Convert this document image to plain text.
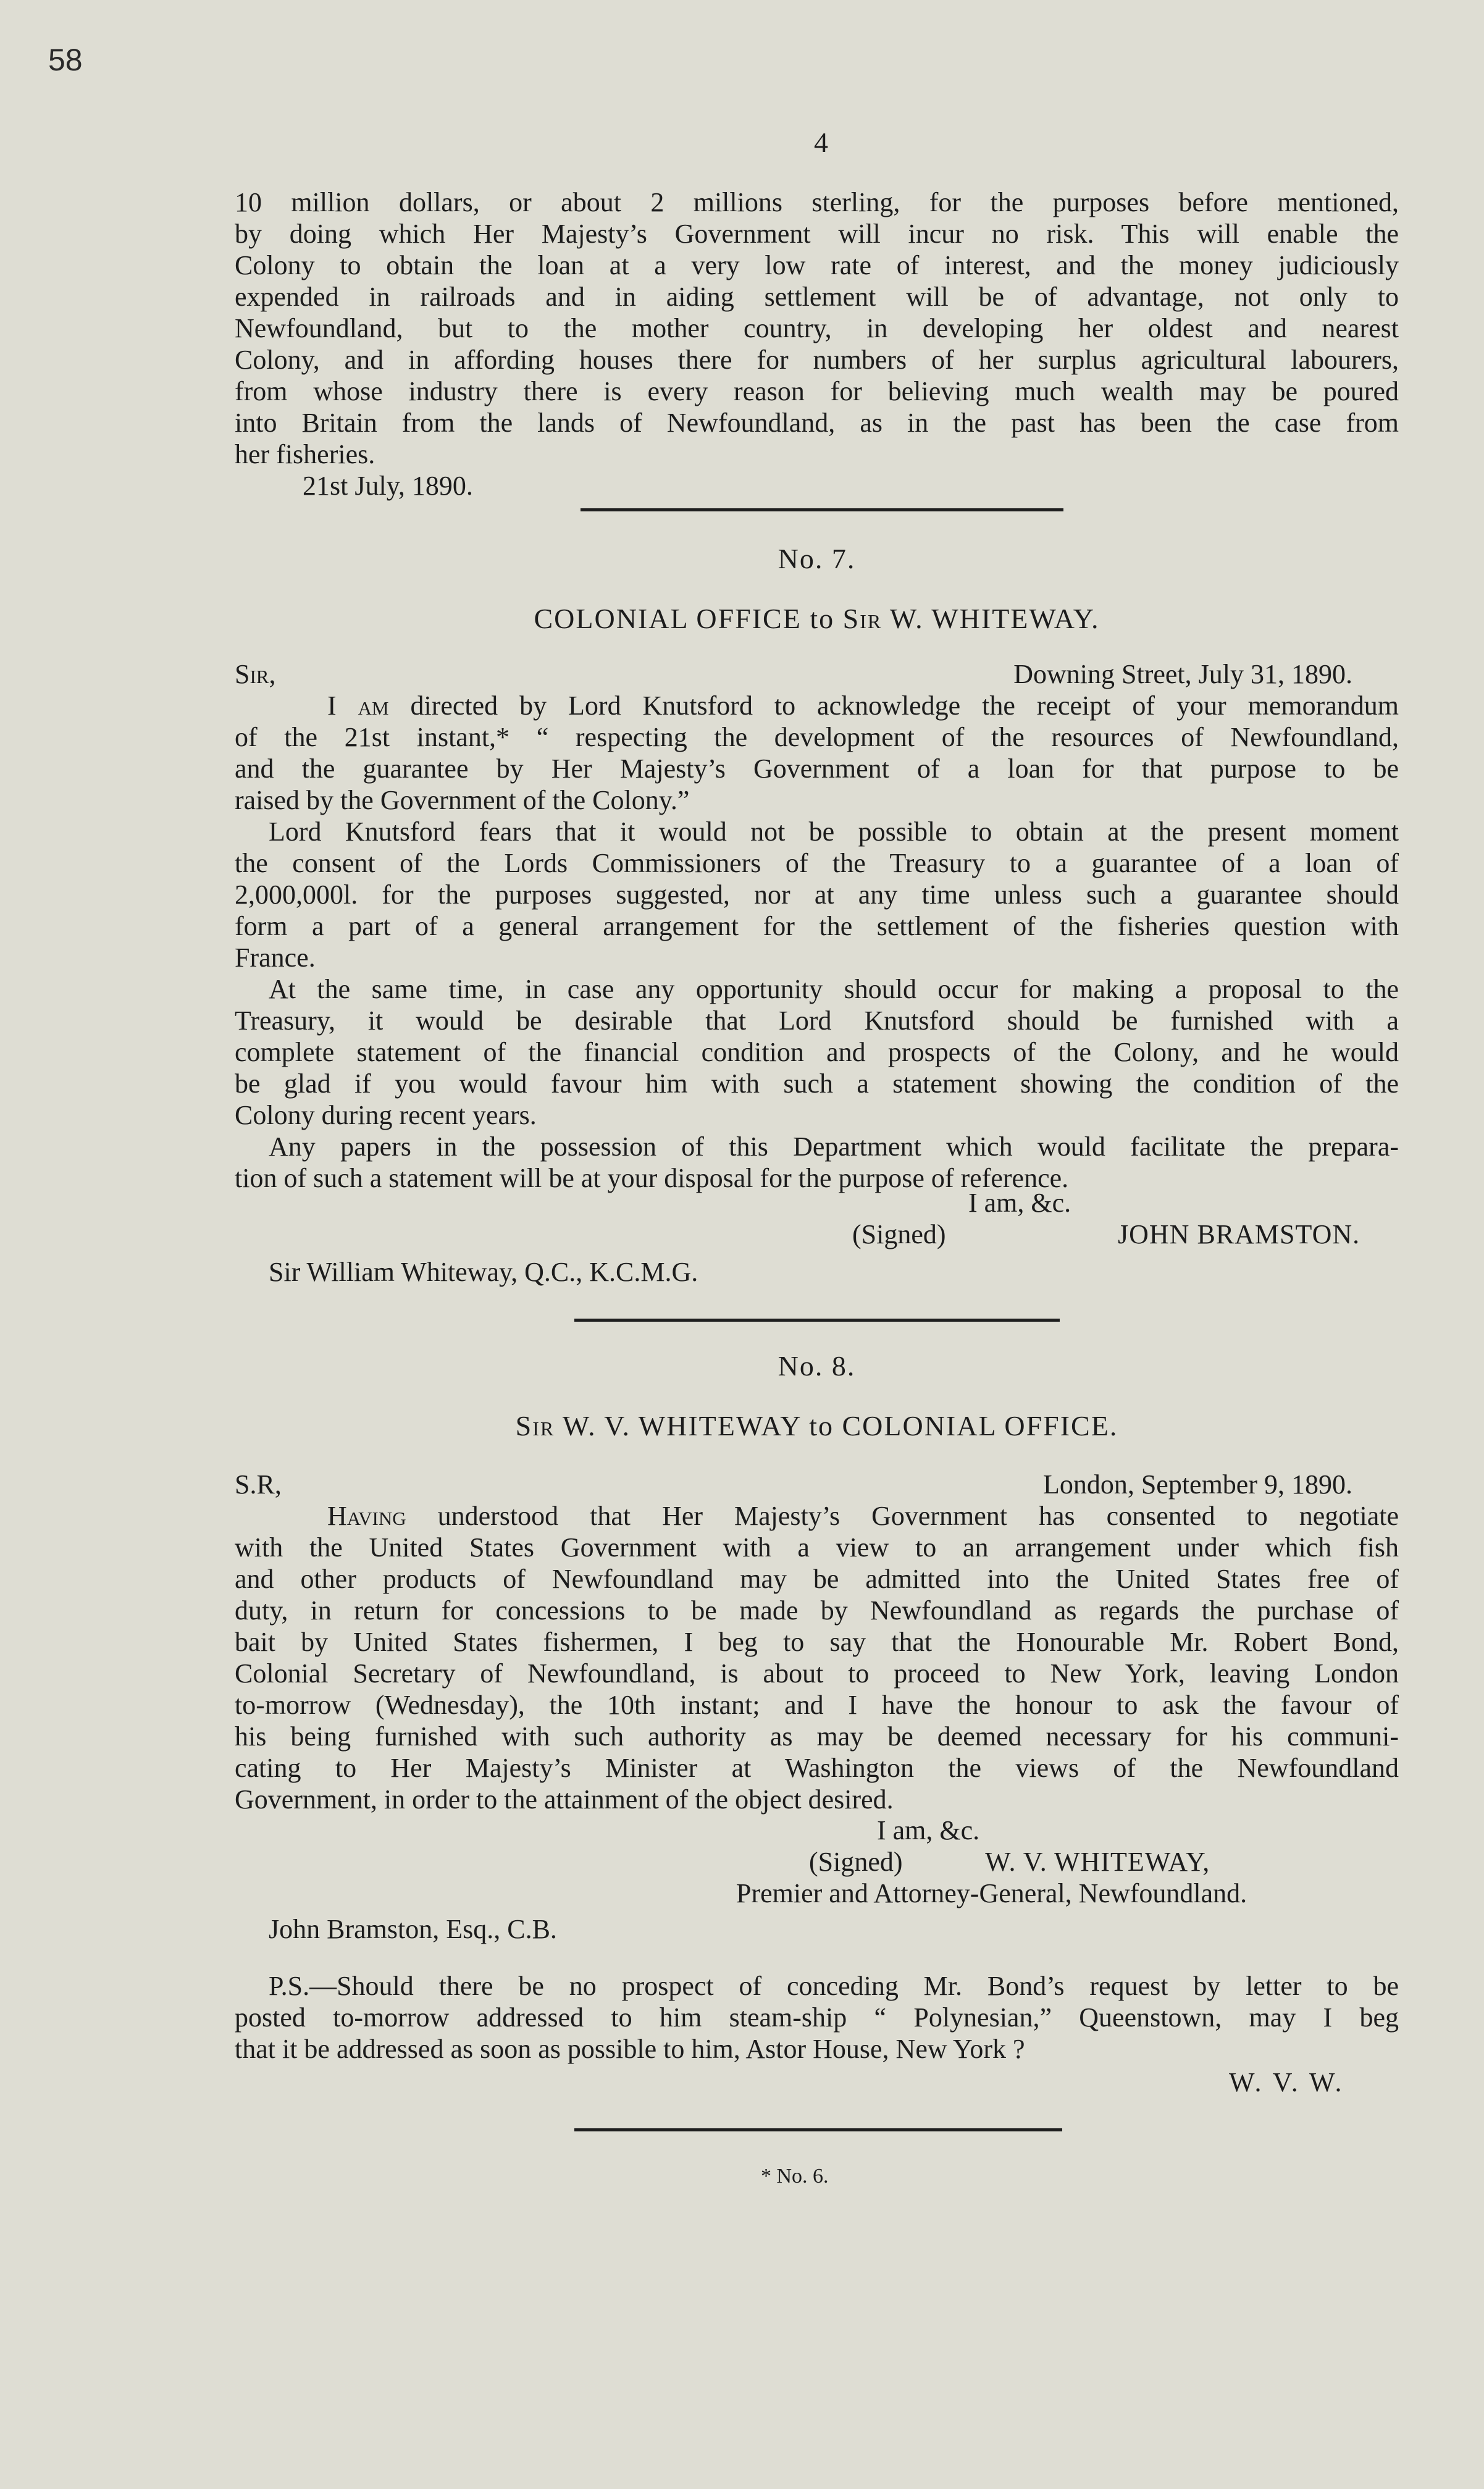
58
4
10 million dollars, or about 2 millions sterling, for the purposes before mentioned,
by doing which Her Majesty’s Government will incur no risk. This will enable the
Colony to obtain the loan at a very low rate of interest, and the money judiciously
expended in railroads and in aiding settlement will be of advantage, not only to
Newfoundland, but to the mother country, in developing her oldest and nearest
Colony, and in affording houses there for numbers of her surplus agricultural labourers,
from whose industry there is every reason for believing much wealth may be poured
into Britain from the lands of Newfoundland, as in the past has been the case from
her fisheries.
21st July, 1890.
No. 7.
COLONIAL OFFICE to Sir W. WHITEWAY.
Sir,	Downing Street, July 31, 1890.
I am directed by Lord Knutsford to acknowledge the receipt of your memorandum
of the 21st instant,* “ respecting the development of the resources of Newfoundland,
and the guarantee by Her Majesty’s Government of a loan for that purpose to be
raised by the Government of the Colony.”
Lord Knutsford fears that it would not be possible to obtain at the present moment
the consent of the Lords Commissioners of the Treasury to a guarantee of a loan of
2,000,000l. for the purposes suggested, nor at any time unless such a guarantee should
form a part of a general arrangement for the settlement of the fisheries question with
France.
At the same time, in case any opportunity should occur for making a proposal to the
Treasury, it would be desirable that Lord Knutsford should be furnished with a
complete statement of the financial condition and prospects of the Colony, and he would
be glad if you would favour him with such a statement showing the condition of the
Colony during recent years.
Any papers in the possession of this Department which would facilitate the prepara-
tion of such a statement will be at your disposal for the purpose of reference.
I am, &c.
(Signed)	JOHN BRAMSTON.
Sir William Whiteway, Q.C., K.C.M.G.
No. 8.
Sir W. V. WHITEWAY to COLONIAL OFFICE.
S.R,	London, September 9, 1890.
Having understood that Her Majesty’s Government has consented to negotiate
with the United States Government with a view to an arrangement under which fish
and other products of Newfoundland may be admitted into the United States free of
duty, in return for concessions to be made by Newfoundland as regards the purchase of
bait by United States fishermen, I beg to say that the Honourable Mr. Robert Bond,
Colonial Secretary of Newfoundland, is about to proceed to New York, leaving London
to-morrow (Wednesday), the 10th instant; and I have the honour to ask the favour of
his being furnished with such authority as may be deemed necessary for his communi-
cating to Her Majesty’s Minister at Washington the views of the Newfoundland
Government, in order to the attainment of the object desired.
I am, &c.
(Signed)	W. V. WHITEWAY,
Premier and Attorney-General, Newfoundland.
John Bramston, Esq., C.B.
P.S.—Should there be no prospect of conceding Mr. Bond’s request by letter to be
posted to-morrow addressed to him steam-ship “ Polynesian,” Queenstown, may I beg
that it be addressed as soon as possible to him, Astor House, New York ?
W. V. W.
* No. 6.
